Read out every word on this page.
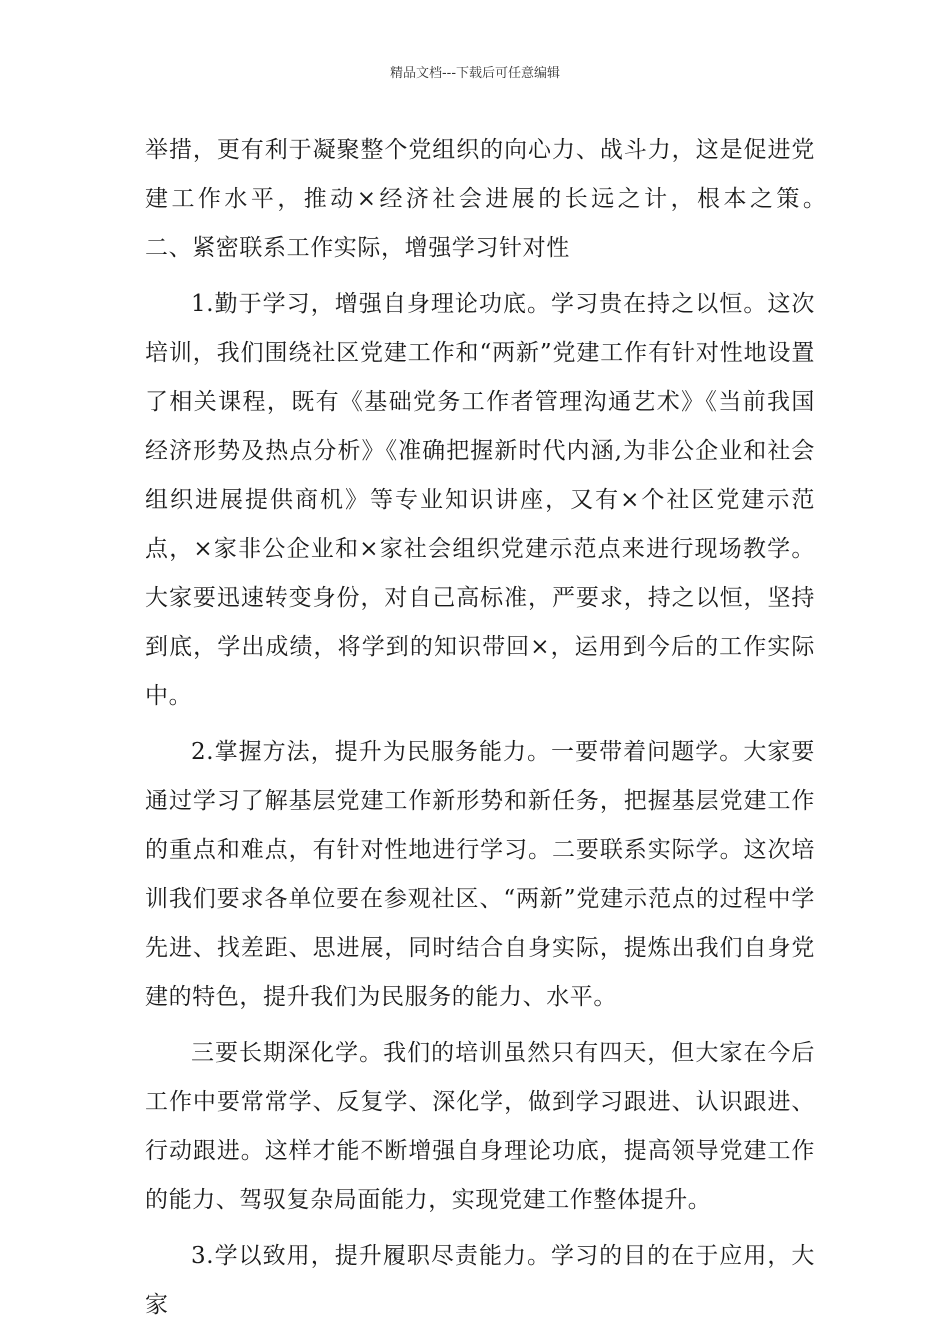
精品文档---下载后可任意编辑

举措，更有利于凝聚整个党组织的向心力、战斗力，这是促进党建工作水平，推动×经济社会进展的长远之计，根本之策。　　二、紧密联系工作实际，增强学习针对性

1.勤于学习，增强自身理论功底。学习贵在持之以恒。这次培训，我们围绕社区党建工作和“两新”党建工作有针对性地设置了相关课程，既有《基础党务工作者管理沟通艺术》《当前我国经济形势及热点分析》《准确把握新时代内涵,为非公企业和社会组织进展提供商机》等专业知识讲座，又有×个社区党建示范点，×家非公企业和×家社会组织党建示范点来进行现场教学。大家要迅速转变身份，对自己高标准，严要求，持之以恒，坚持到底，学出成绩，将学到的知识带回×，运用到今后的工作实际中。

2.掌握方法，提升为民服务能力。一要带着问题学。大家要通过学习了解基层党建工作新形势和新任务，把握基层党建工作的重点和难点，有针对性地进行学习。二要联系实际学。这次培训我们要求各单位要在参观社区、“两新”党建示范点的过程中学先进、找差距、思进展，同时结合自身实际，提炼出我们自身党建的特色，提升我们为民服务的能力、水平。

三要长期深化学。我们的培训虽然只有四天，但大家在今后工作中要常常学、反复学、深化学，做到学习跟进、认识跟进、行动跟进。这样才能不断增强自身理论功底，提高领导党建工作的能力、驾驭复杂局面能力，实现党建工作整体提升。

3.学以致用，提升履职尽责能力。学习的目的在于应用，大家
